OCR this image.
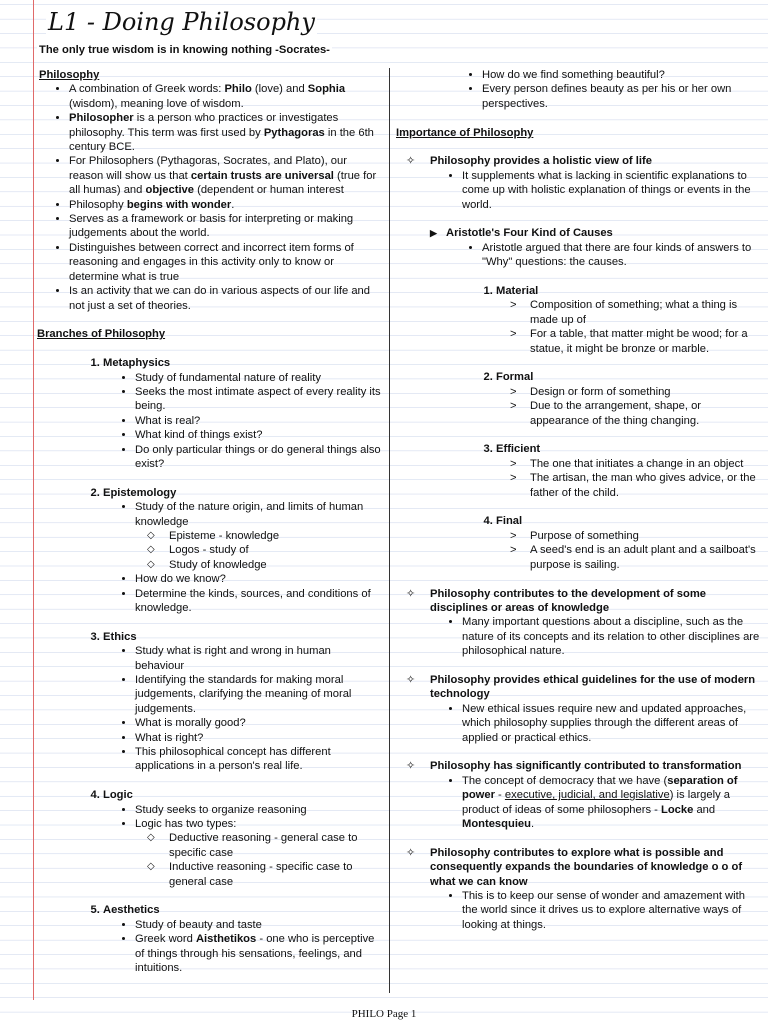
L1 - Doing Philosophy
The only true wisdom is in knowing nothing -Socrates-
Philosophy
• A combination of Greek words: Philo (love) and Sophia (wisdom), meaning love of wisdom.
• Philosopher is a person who practices or investigates philosophy. This term was first used by Pythagoras in the 6th century BCE.
• For Philosophers (Pythagoras, Socrates, and Plato), our reason will show us that certain trusts are universal (true for all humas) and objective (dependent or human interest
• Philosophy begins with wonder.
• Serves as a framework or basis for interpreting or making judgements about the world.
• Distinguishes between correct and incorrect item forms of reasoning and engages in this activity only to know or determine what is true
• Is an activity that we can do in various aspects of our life and not just a set of theories.
Branches of Philosophy
1. Metaphysics
• Study of fundamental nature of reality
• Seeks the most intimate aspect of every reality its being.
• What is real?
• What kind of things exist?
• Do only particular things or do general things also exist?
2. Epistemology
• Study of the nature origin, and limits of human knowledge
◇ Episteme - knowledge
◇ Logos - study of
◇ Study of knowledge
• How do we know?
• Determine the kinds, sources, and conditions of knowledge.
3. Ethics
• Study what is right and wrong in human behaviour
• Identifying the standards for making moral judgements, clarifying the meaning of moral judgements.
• What is morally good?
• What is right?
• This philosophical concept has different applications in a person's real life.
4. Logic
• Study seeks to organize reasoning
• Logic has two types:
◇ Deductive reasoning - general case to specific case
◇ Inductive reasoning - specific case to general case
5. Aesthetics
• Study of beauty and taste
• Greek word Aisthetikos - one who is perceptive of things through his sensations, feelings, and intuitions.
• How do we find something beautiful?
• Every person defines beauty as per his or her own perspectives.
Importance of Philosophy
✧ Philosophy provides a holistic view of life
• It supplements what is lacking in scientific explanations to come up with holistic explanation of things or events in the world.
▶ Aristotle's Four Kind of Causes
• Aristotle argued that there are four kinds of answers to "Why" questions: the causes.
1. Material
> Composition of something; what a thing is made up of
> For a table, that matter might be wood; for a statue, it might be bronze or marble.
2. Formal
> Design or form of something
> Due to the arrangement, shape, or appearance of the thing changing.
3. Efficient
> The one that initiates a change in an object
> The artisan, the man who gives advice, or the father of the child.
4. Final
> Purpose of something
> A seed's end is an adult plant and a sailboat's purpose is sailing.
✧ Philosophy contributes to the development of some disciplines or areas of knowledge
• Many important questions about a discipline, such as the nature of its concepts and its relation to other disciplines are philosophical nature.
✧ Philosophy provides ethical guidelines for the use of modern technology
• New ethical issues require new and updated approaches, which philosophy supplies through the different areas of applied or practical ethics.
✧ Philosophy has significantly contributed to transformation
• The concept of democracy that we have (separation of power - executive, judicial, and legislative) is largely a product of ideas of some philosophers - Locke and Montesquieu.
✧ Philosophy contributes to explore what is possible and consequently expands the boundaries of knowledge o o of what we can know
• This is to keep our sense of wonder and amazement with the world since it drives us to explore alternative ways of looking at things.
PHILO Page 1
